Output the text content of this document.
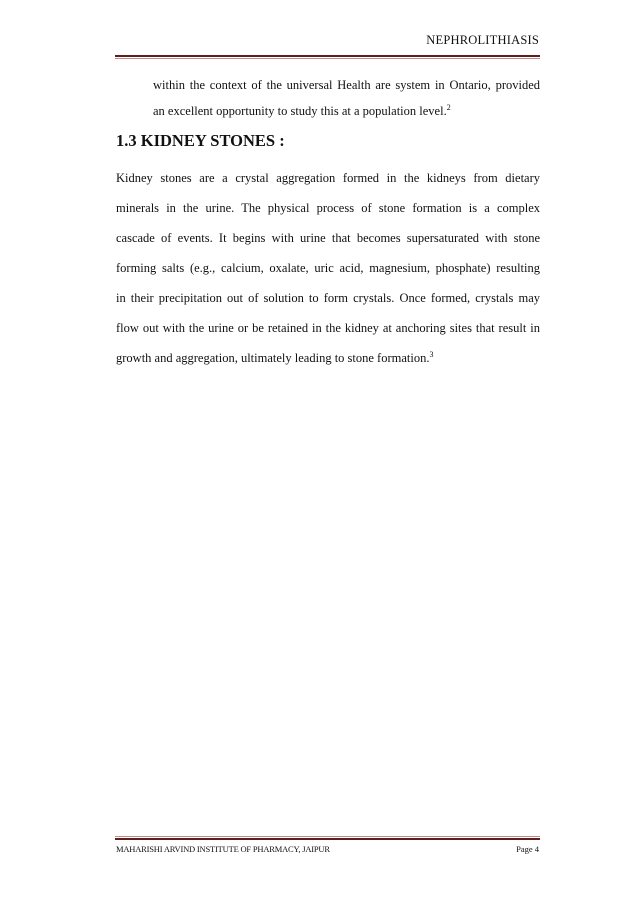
NEPHROLITHIASIS
within the context of the universal Health are system in Ontario, provided
an excellent opportunity to study this at a population level.$^2$
1.3 KIDNEY STONES :
Kidney stones are a crystal aggregation formed in the kidneys from dietary
minerals in the urine. The physical process of stone formation is a complex
cascade of events. It begins with urine that becomes supersaturated with stone
forming salts (e.g., calcium, oxalate, uric acid, magnesium, phosphate) resulting
in their precipitation out of solution to form crystals. Once formed, crystals may
flow out with the urine or be retained in the kidney at anchoring sites that result in
growth and aggregation, ultimately leading to stone formation.$^3$
MAHARISHI ARVIND INSTITUTE OF PHARMACY, JAIPUR	Page 4
